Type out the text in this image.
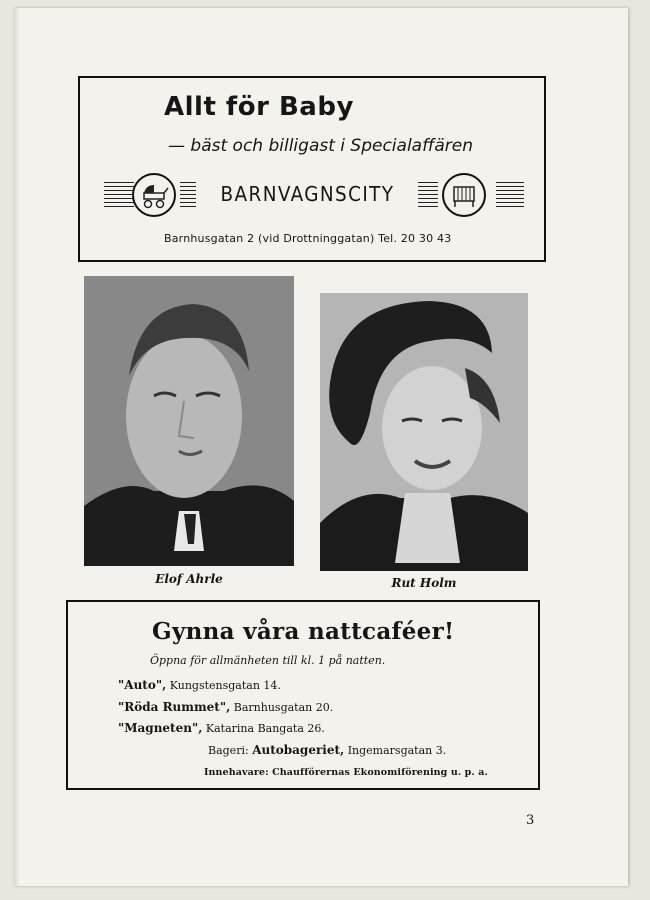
Allt för Baby
— bäst och billigast i Specialaffären
BARNVAGNSCITY
Barnhusgatan 2 (vid Drottninggatan) Tel. 20 30 43
Elof Ahrle	Rut Holm
Gynna våra nattcaféer!
Öppna för allmänheten till kl. 1 på natten.
"Auto", Kungstensgatan 14.
"Röda Rummet", Barnhusgatan 20.
"Magneten", Katarina Bangata 26.
Bageri: Autobageriet, Ingemarsgatan 3.
Innehavare: Chaufförernas Ekonomiförening u. p. a.
3
